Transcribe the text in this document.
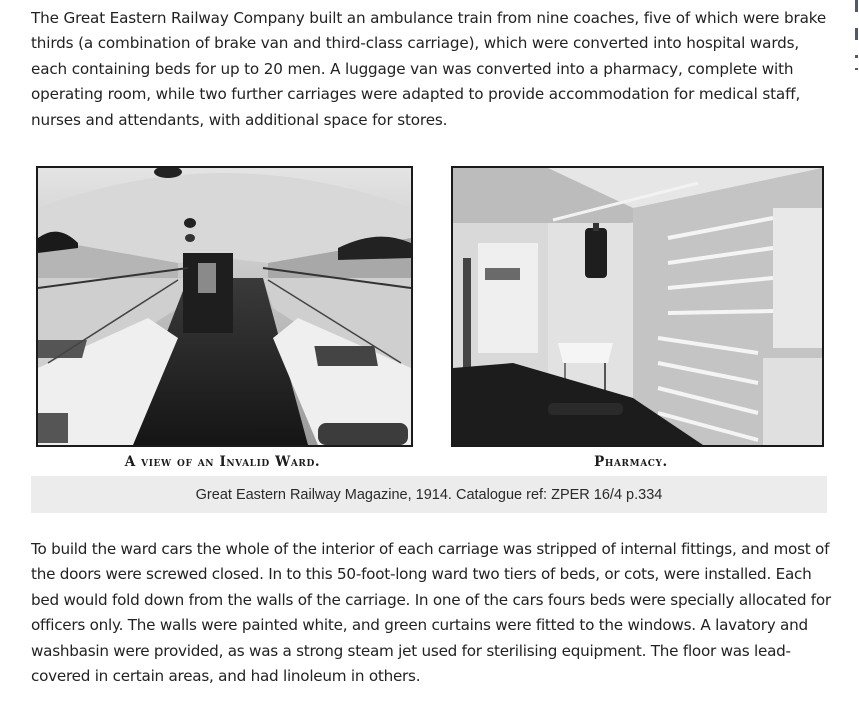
The Great Eastern Railway Company built an ambulance train from nine coaches, five of which were brake thirds (a combination of brake van and third-class carriage), which were converted into hospital wards, each containing beds for up to 20 men. A luggage van was converted into a pharmacy, complete with operating room, while two further carriages were adapted to provide accommodation for medical staff, nurses and attendants, with additional space for stores.

A view of an Invalid Ward.	Pharmacy.
Great Eastern Railway Magazine, 1914. Catalogue ref: ZPER 16/4 p.334

To build the ward cars the whole of the interior of each carriage was stripped of internal fittings, and most of the doors were screwed closed. In to this 50-foot-long ward two tiers of beds, or cots, were installed. Each bed would fold down from the walls of the carriage. In one of the cars fours beds were specially allocated for officers only. The walls were painted white, and green curtains were fitted to the windows. A lavatory and washbasin were provided, as was a strong steam jet used for sterilising equipment. The floor was lead-covered in certain areas, and had linoleum in others.
